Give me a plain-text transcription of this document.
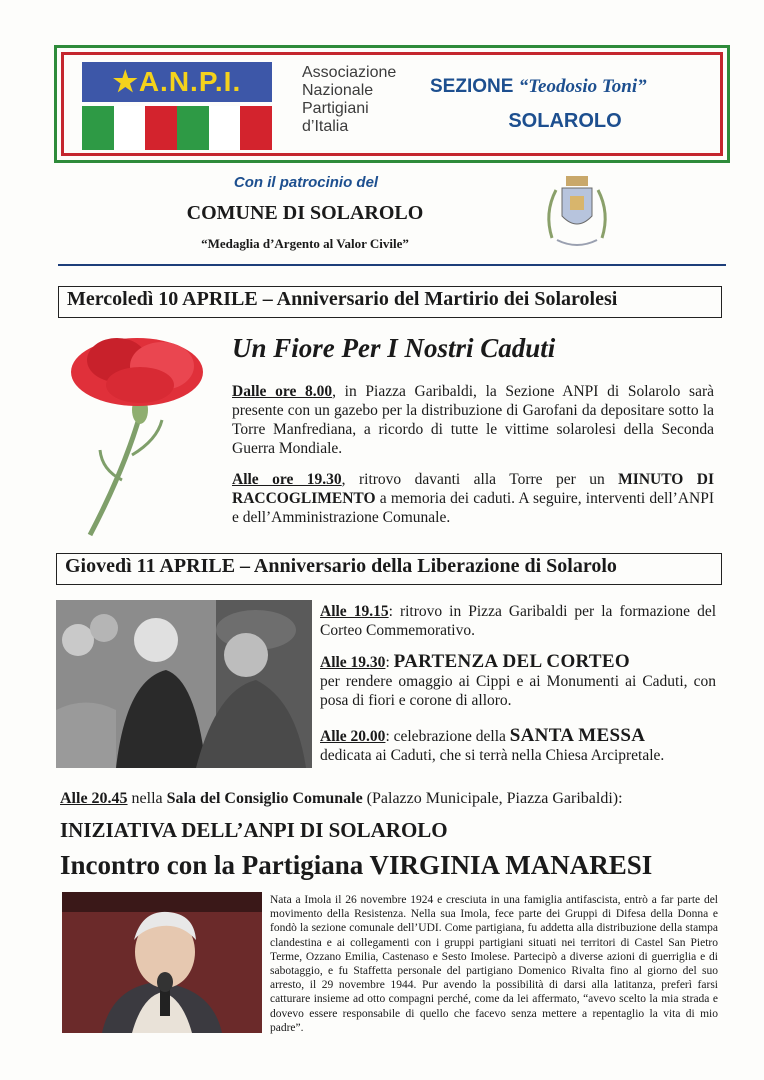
★A.N.P.I.	Associazione
Nazionale
Partigiani
d’Italia
SEZIONE “Teodosio Toni”
SOLAROLO
Con il patrocinio del
COMUNE DI SOLAROLO
“Medaglia d’Argento al Valor Civile”
Mercoledì 10 APRILE – Anniversario del Martirio dei Solarolesi
Un Fiore Per I Nostri Caduti
Dalle ore 8.00, in Piazza Garibaldi, la Sezione ANPI di Solarolo sarà presente con un gazebo per la distribuzione di Garofani da depositare sotto la Torre Manfrediana, a ricordo di tutte le vittime solarolesi della Seconda Guerra Mondiale.
Alle ore 19.30, ritrovo davanti alla Torre per un MINUTO DI RACCOGLIMENTO a memoria dei caduti. A seguire, interventi dell’ANPI e dell’Amministrazione Comunale.
Giovedì 11 APRILE – Anniversario della Liberazione di Solarolo
Alle 19.15: ritrovo in Pizza Garibaldi per la formazione del Corteo Commemorativo.
Alle 19.30: PARTENZA DEL CORTEO
per rendere omaggio ai Cippi e ai Monumenti ai Caduti, con posa di fiori e corone di alloro.
Alle 20.00: celebrazione della SANTA MESSA
dedicata ai Caduti, che si terrà nella Chiesa Arcipretale.
Alle 20.45 nella Sala del Consiglio Comunale (Palazzo Municipale, Piazza Garibaldi):
INIZIATIVA DELL’ANPI DI SOLAROLO
Incontro con la Partigiana VIRGINIA MANARESI
Nata a Imola il 26 novembre 1924 e cresciuta in una famiglia antifascista, entrò a far parte del movimento della Resistenza. Nella sua Imola, fece parte dei Gruppi di Difesa della Donna e fondò la sezione comunale dell’UDI. Come partigiana, fu addetta alla distribuzione della stampa clandestina e ai collegamenti con i gruppi partigiani situati nei territori di Castel San Pietro Terme, Ozzano Emilia, Castenaso e Sesto Imolese. Partecipò a diverse azioni di guerriglia e di sabotaggio, e fu Staffetta personale del partigiano Domenico Rivalta fino al giorno del suo arresto, il 29 novembre 1944. Pur avendo la possibilità di darsi alla latitanza, preferì farsi catturare insieme ad otto compagni perché, come da lei affermato, “avevo scelto la mia strada e dovevo essere responsabile di quello che facevo senza mettere a repentaglio la vita di mio padre”.
